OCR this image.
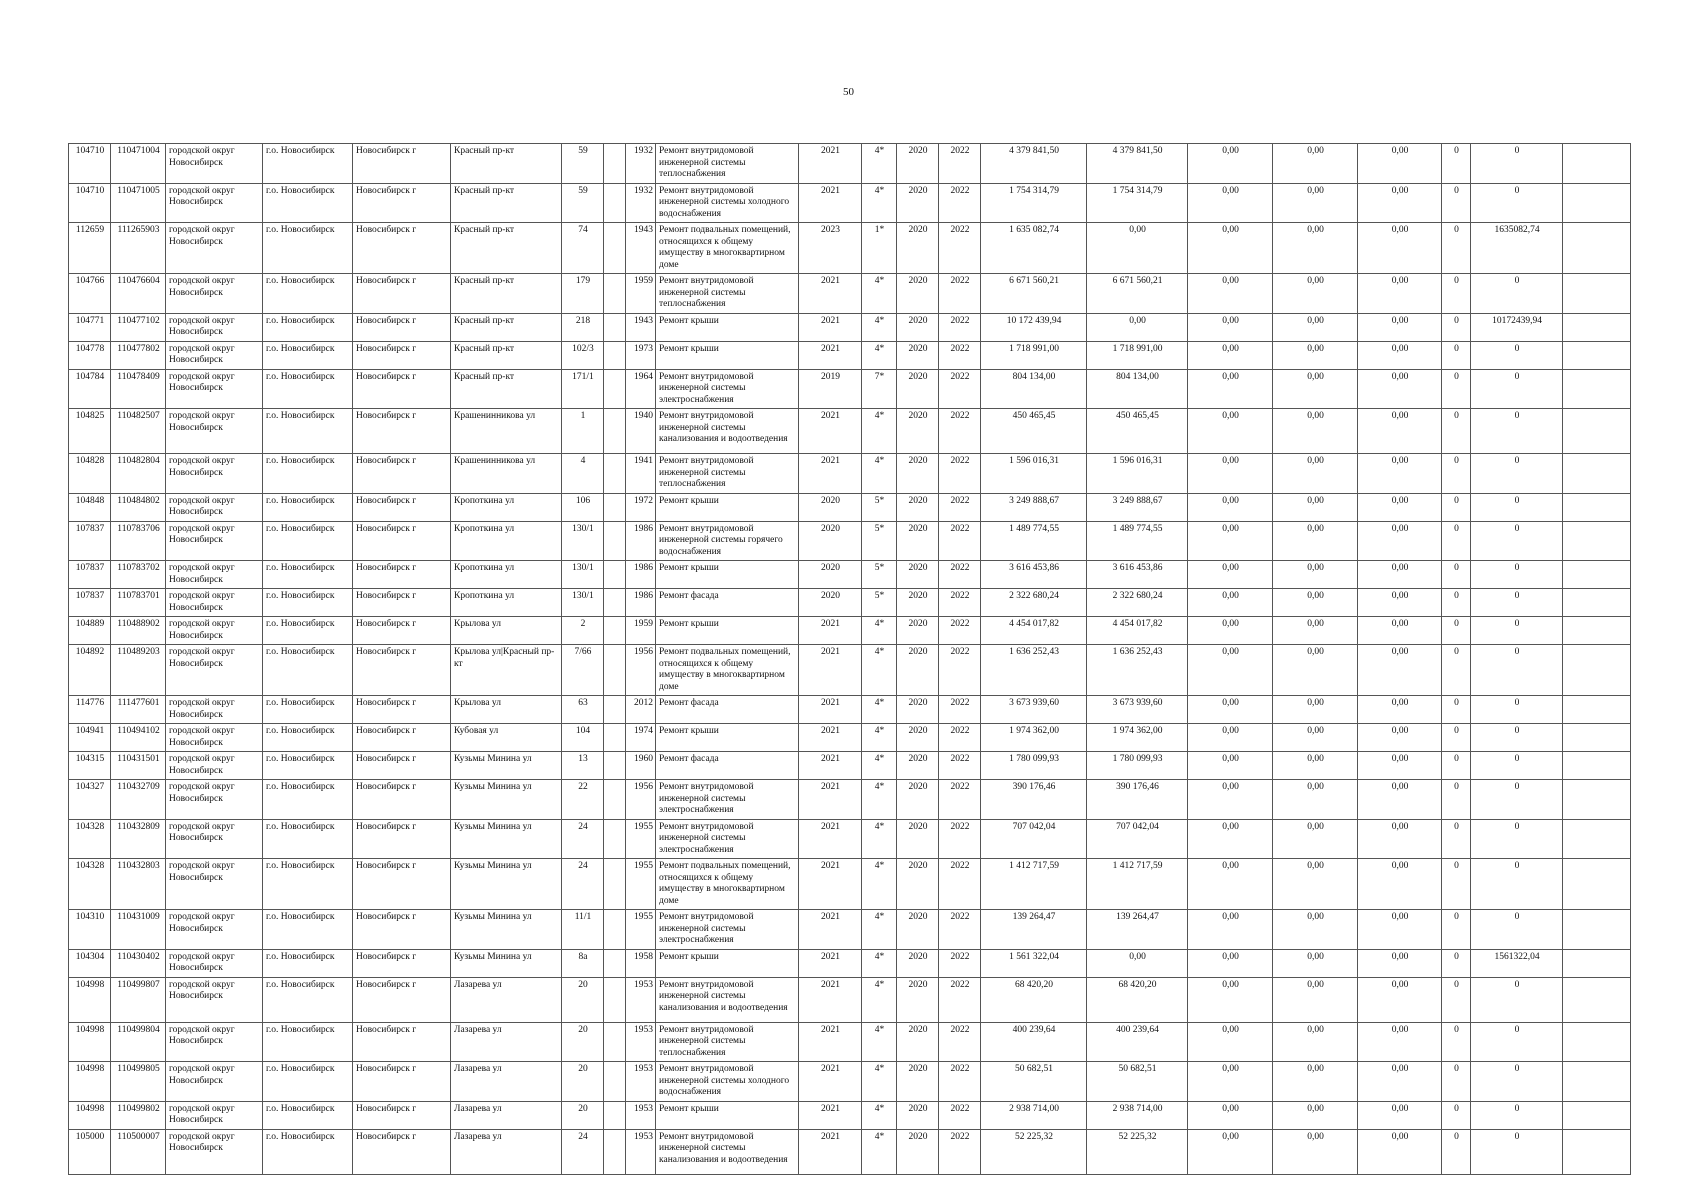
50
104710	110471004	городской округ Новосибирск	г.о. Новосибирск	Новосибирск г	Красный пр-кт	59		1932	Ремонт внутридомовой инженерной системы теплоснабжения	2021	4*	2020	2022	4 379 841,50	4 379 841,50	0,00	0,00	0,00	0	0	
104710	110471005	городской округ Новосибирск	г.о. Новосибирск	Новосибирск г	Красный пр-кт	59		1932	Ремонт внутридомовой инженерной системы холодного водоснабжения	2021	4*	2020	2022	1 754 314,79	1 754 314,79	0,00	0,00	0,00	0	0	
112659	111265903	городской округ Новосибирск	г.о. Новосибирск	Новосибирск г	Красный пр-кт	74		1943	Ремонт подвальных помещений, относящихся к общему имуществу в многоквартирном доме	2023	1*	2020	2022	1 635 082,74	0,00	0,00	0,00	0,00	0	1635082,74	
104766	110476604	городской округ Новосибирск	г.о. Новосибирск	Новосибирск г	Красный пр-кт	179		1959	Ремонт внутридомовой инженерной системы теплоснабжения	2021	4*	2020	2022	6 671 560,21	6 671 560,21	0,00	0,00	0,00	0	0	
104771	110477102	городской округ Новосибирск	г.о. Новосибирск	Новосибирск г	Красный пр-кт	218		1943	Ремонт крыши	2021	4*	2020	2022	10 172 439,94	0,00	0,00	0,00	0,00	0	10172439,94	
104778	110477802	городской округ Новосибирск	г.о. Новосибирск	Новосибирск г	Красный пр-кт	102/3		1973	Ремонт крыши	2021	4*	2020	2022	1 718 991,00	1 718 991,00	0,00	0,00	0,00	0	0	
104784	110478409	городской округ Новосибирск	г.о. Новосибирск	Новосибирск г	Красный пр-кт	171/1		1964	Ремонт внутридомовой инженерной системы электроснабжения	2019	7*	2020	2022	804 134,00	804 134,00	0,00	0,00	0,00	0	0	
104825	110482507	городской округ Новосибирск	г.о. Новосибирск	Новосибирск г	Крашенинникова ул	1		1940	Ремонт внутридомовой инженерной системы канализования и водоотведения	2021	4*	2020	2022	450 465,45	450 465,45	0,00	0,00	0,00	0	0	
104828	110482804	городской округ Новосибирск	г.о. Новосибирск	Новосибирск г	Крашенинникова ул	4		1941	Ремонт внутридомовой инженерной системы теплоснабжения	2021	4*	2020	2022	1 596 016,31	1 596 016,31	0,00	0,00	0,00	0	0	
104848	110484802	городской округ Новосибирск	г.о. Новосибирск	Новосибирск г	Кропоткина ул	106		1972	Ремонт крыши	2020	5*	2020	2022	3 249 888,67	3 249 888,67	0,00	0,00	0,00	0	0	
107837	110783706	городской округ Новосибирск	г.о. Новосибирск	Новосибирск г	Кропоткина ул	130/1		1986	Ремонт внутридомовой инженерной системы горячего водоснабжения	2020	5*	2020	2022	1 489 774,55	1 489 774,55	0,00	0,00	0,00	0	0	
107837	110783702	городской округ Новосибирск	г.о. Новосибирск	Новосибирск г	Кропоткина ул	130/1		1986	Ремонт крыши	2020	5*	2020	2022	3 616 453,86	3 616 453,86	0,00	0,00	0,00	0	0	
107837	110783701	городской округ Новосибирск	г.о. Новосибирск	Новосибирск г	Кропоткина ул	130/1		1986	Ремонт фасада	2020	5*	2020	2022	2 322 680,24	2 322 680,24	0,00	0,00	0,00	0	0	
104889	110488902	городской округ Новосибирск	г.о. Новосибирск	Новосибирск г	Крылова ул	2		1959	Ремонт крыши	2021	4*	2020	2022	4 454 017,82	4 454 017,82	0,00	0,00	0,00	0	0	
104892	110489203	городской округ Новосибирск	г.о. Новосибирск	Новосибирск г	Крылова ул|Красный пр-кт	7/66		1956	Ремонт подвальных помещений, относящихся к общему имуществу в многоквартирном доме	2021	4*	2020	2022	1 636 252,43	1 636 252,43	0,00	0,00	0,00	0	0	
114776	111477601	городской округ Новосибирск	г.о. Новосибирск	Новосибирск г	Крылова ул	63		2012	Ремонт фасада	2021	4*	2020	2022	3 673 939,60	3 673 939,60	0,00	0,00	0,00	0	0	
104941	110494102	городской округ Новосибирск	г.о. Новосибирск	Новосибирск г	Кубовая ул	104		1974	Ремонт крыши	2021	4*	2020	2022	1 974 362,00	1 974 362,00	0,00	0,00	0,00	0	0	
104315	110431501	городской округ Новосибирск	г.о. Новосибирск	Новосибирск г	Кузьмы Минина ул	13		1960	Ремонт фасада	2021	4*	2020	2022	1 780 099,93	1 780 099,93	0,00	0,00	0,00	0	0	
104327	110432709	городской округ Новосибирск	г.о. Новосибирск	Новосибирск г	Кузьмы Минина ул	22		1956	Ремонт внутридомовой инженерной системы электроснабжения	2021	4*	2020	2022	390 176,46	390 176,46	0,00	0,00	0,00	0	0	
104328	110432809	городской округ Новосибирск	г.о. Новосибирск	Новосибирск г	Кузьмы Минина ул	24		1955	Ремонт внутридомовой инженерной системы электроснабжения	2021	4*	2020	2022	707 042,04	707 042,04	0,00	0,00	0,00	0	0	
104328	110432803	городской округ Новосибирск	г.о. Новосибирск	Новосибирск г	Кузьмы Минина ул	24		1955	Ремонт подвальных помещений, относящихся к общему имуществу в многоквартирном доме	2021	4*	2020	2022	1 412 717,59	1 412 717,59	0,00	0,00	0,00	0	0	
104310	110431009	городской округ Новосибирск	г.о. Новосибирск	Новосибирск г	Кузьмы Минина ул	11/1		1955	Ремонт внутридомовой инженерной системы электроснабжения	2021	4*	2020	2022	139 264,47	139 264,47	0,00	0,00	0,00	0	0	
104304	110430402	городской округ Новосибирск	г.о. Новосибирск	Новосибирск г	Кузьмы Минина ул	8а		1958	Ремонт крыши	2021	4*	2020	2022	1 561 322,04	0,00	0,00	0,00	0,00	0	1561322,04	
104998	110499807	городской округ Новосибирск	г.о. Новосибирск	Новосибирск г	Лазарева ул	20		1953	Ремонт внутридомовой инженерной системы канализования и водоотведения	2021	4*	2020	2022	68 420,20	68 420,20	0,00	0,00	0,00	0	0	
104998	110499804	городской округ Новосибирск	г.о. Новосибирск	Новосибирск г	Лазарева ул	20		1953	Ремонт внутридомовой инженерной системы теплоснабжения	2021	4*	2020	2022	400 239,64	400 239,64	0,00	0,00	0,00	0	0	
104998	110499805	городской округ Новосибирск	г.о. Новосибирск	Новосибирск г	Лазарева ул	20		1953	Ремонт внутридомовой инженерной системы холодного водоснабжения	2021	4*	2020	2022	50 682,51	50 682,51	0,00	0,00	0,00	0	0	
104998	110499802	городской округ Новосибирск	г.о. Новосибирск	Новосибирск г	Лазарева ул	20		1953	Ремонт крыши	2021	4*	2020	2022	2 938 714,00	2 938 714,00	0,00	0,00	0,00	0	0	
105000	110500007	городской округ Новосибирск	г.о. Новосибирск	Новосибирск г	Лазарева ул	24		1953	Ремонт внутридомовой инженерной системы канализования и водоотведения	2021	4*	2020	2022	52 225,32	52 225,32	0,00	0,00	0,00	0	0	
